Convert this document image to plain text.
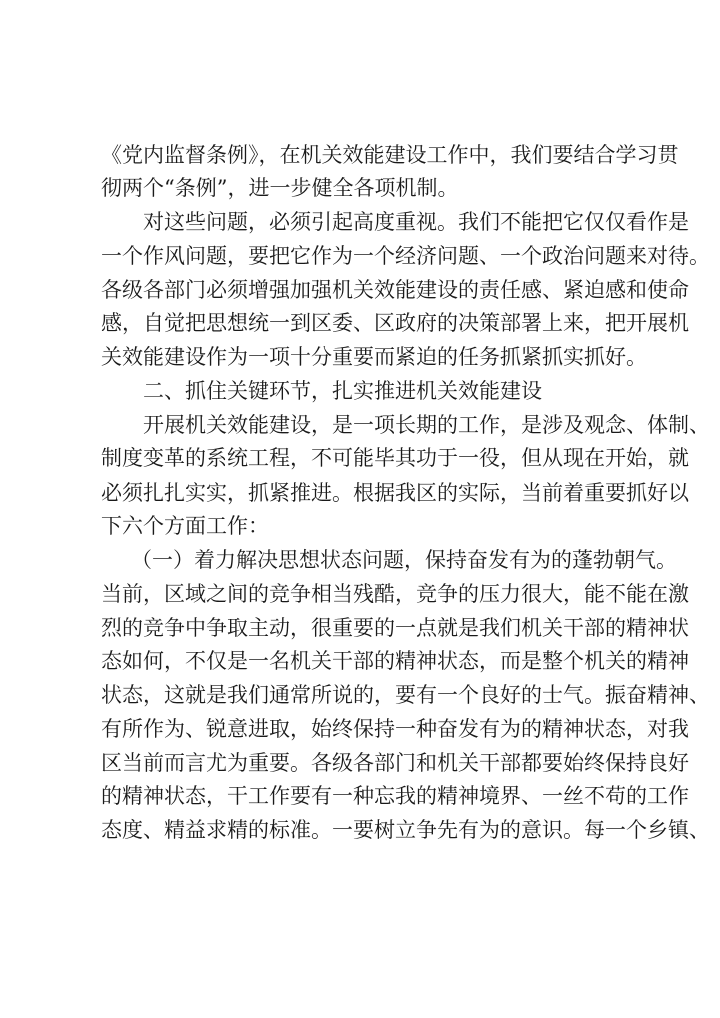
《党内监督条例》，在机关效能建设工作中，我们要结合学习贯
彻两个“条例”，进一步健全各项机制。
对这些问题，必须引起高度重视。我们不能把它仅仅看作是
一个作风问题，要把它作为一个经济问题、一个政治问题来对待。
各级各部门必须增强加强机关效能建设的责任感、紧迫感和使命
感，自觉把思想统一到区委、区政府的决策部署上来，把开展机
关效能建设作为一项十分重要而紧迫的任务抓紧抓实抓好。
二、抓住关键环节，扎实推进机关效能建设
开展机关效能建设，是一项长期的工作，是涉及观念、体制、
制度变革的系统工程，不可能毕其功于一役，但从现在开始，就
必须扎扎实实，抓紧推进。根据我区的实际，当前着重要抓好以
下六个方面工作：
（一）着力解决思想状态问题，保持奋发有为的蓬勃朝气。
当前，区域之间的竞争相当残酷，竞争的压力很大，能不能在激
烈的竞争中争取主动，很重要的一点就是我们机关干部的精神状
态如何，不仅是一名机关干部的精神状态，而是整个机关的精神
状态，这就是我们通常所说的，要有一个良好的士气。振奋精神、
有所作为、锐意进取，始终保持一种奋发有为的精神状态，对我
区当前而言尤为重要。各级各部门和机关干部都要始终保持良好
的精神状态，干工作要有一种忘我的精神境界、一丝不苟的工作
态度、精益求精的标准。一要树立争先有为的意识。每一个乡镇、
